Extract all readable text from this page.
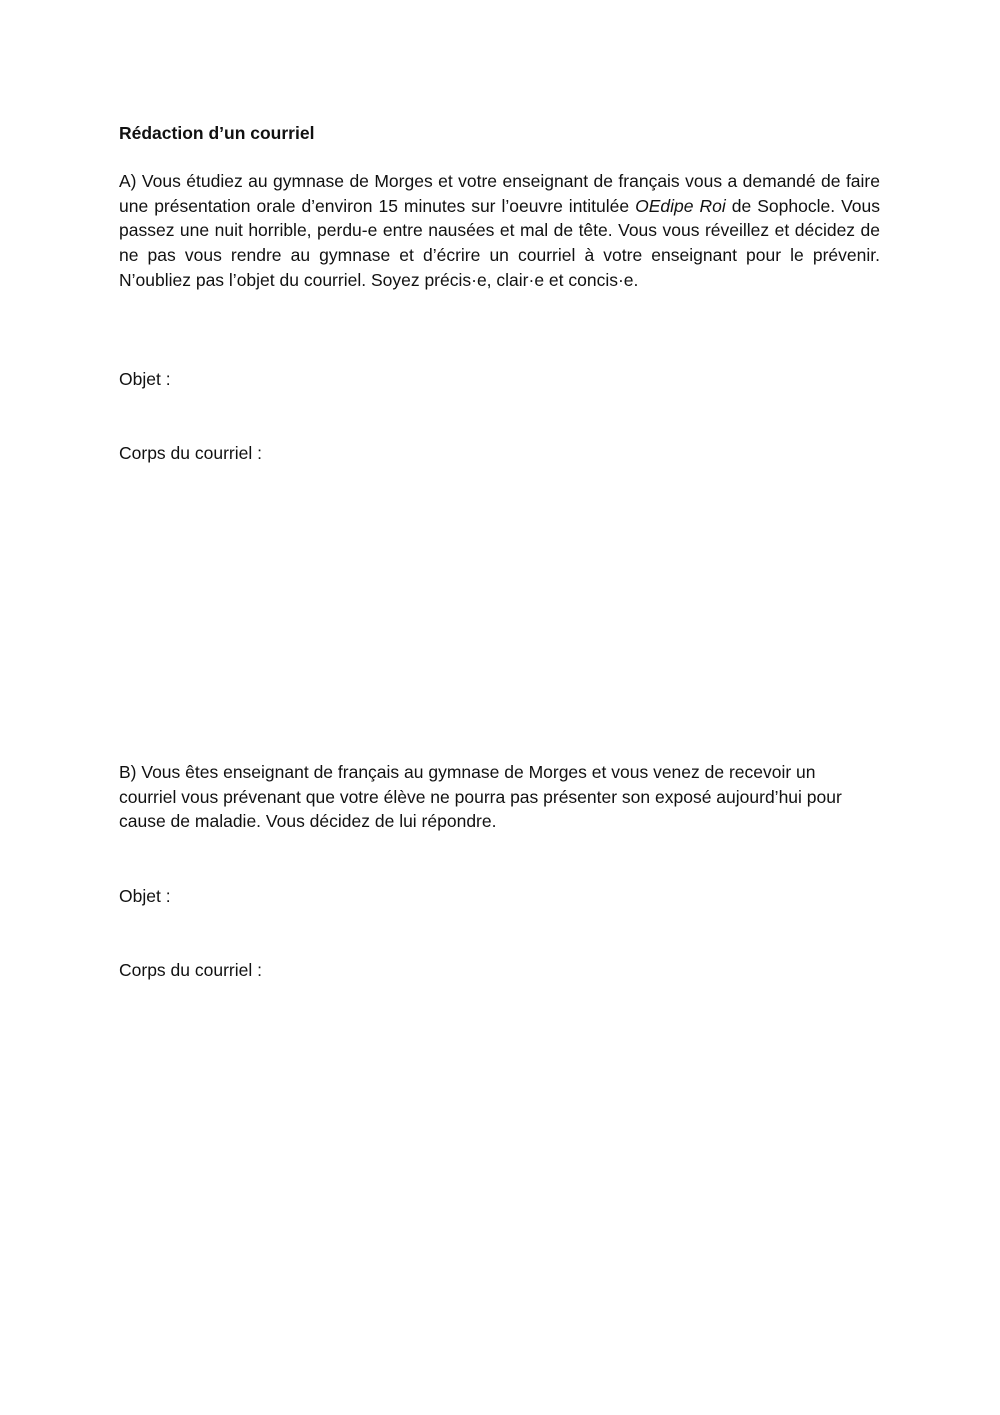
Rédaction d’un courriel
A) Vous étudiez au gymnase de Morges et votre enseignant de français vous a demandé de faire une présentation orale d’environ 15 minutes sur l’oeuvre intitulée OEdipe Roi de Sophocle. Vous passez une nuit horrible, perdu-e entre nausées et mal de tête. Vous vous réveillez et décidez de ne pas vous rendre au gymnase et d’écrire un courriel à votre enseignant pour le prévenir. N’oubliez pas l’objet du courriel. Soyez précis·e, clair·e et concis·e.
Objet :
Corps du courriel :
B) Vous êtes enseignant de français au gymnase de Morges et vous venez de recevoir un courriel vous prévenant que votre élève ne pourra pas présenter son exposé aujourd’hui pour cause de maladie. Vous décidez de lui répondre.
Objet :
Corps du courriel :
